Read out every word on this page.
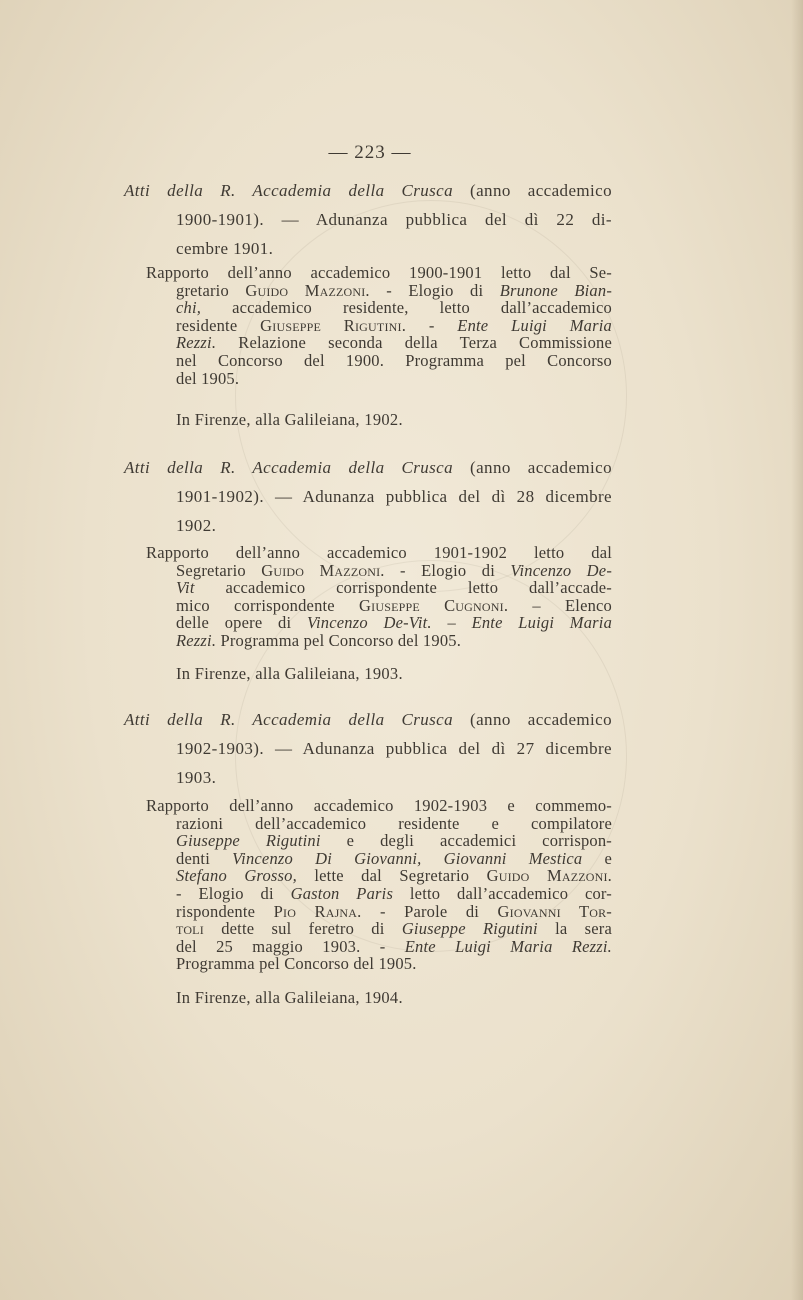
— 223 —
Atti della R. Accademia della Crusca (anno accademico
1900-1901). — Adunanza pubblica del dì 22 di-
cembre 1901.
Rapporto dell’anno accademico 1900-1901 letto dal Se-
gretario Guido Mazzoni. - Elogio di Brunone Bian-
chi, accademico residente, letto dall’accademico
residente Giuseppe Rigutini. - Ente Luigi Maria
Rezzi. Relazione seconda della Terza Commissione
nel Concorso del 1900. Programma pel Concorso
del 1905.
In Firenze, alla Galileiana, 1902.
Atti della R. Accademia della Crusca (anno accademico
1901-1902). — Adunanza pubblica del dì 28 dicembre
1902.
Rapporto dell’anno accademico 1901-1902 letto dal
Segretario Guido Mazzoni. - Elogio di Vincenzo De-
Vit accademico corrispondente letto dall’accade-
mico corrispondente Giuseppe Cugnoni. – Elenco
delle opere di Vincenzo De-Vit. – Ente Luigi Maria
Rezzi. Programma pel Concorso del 1905.
In Firenze, alla Galileiana, 1903.
Atti della R. Accademia della Crusca (anno accademico
1902-1903). — Adunanza pubblica del dì 27 dicembre
1903.
Rapporto dell’anno accademico 1902-1903 e commemo-
razioni dell’accademico residente e compilatore
Giuseppe Rigutini e degli accademici corrispon-
denti Vincenzo Di Giovanni, Giovanni Mestica e
Stefano Grosso, lette dal Segretario Guido Mazzoni.
- Elogio di Gaston Paris letto dall’accademico cor-
rispondente Pio Rajna. - Parole di Giovanni Tor-
toli dette sul feretro di Giuseppe Rigutini la sera
del 25 maggio 1903. - Ente Luigi Maria Rezzi.
Programma pel Concorso del 1905.
In Firenze, alla Galileiana, 1904.
